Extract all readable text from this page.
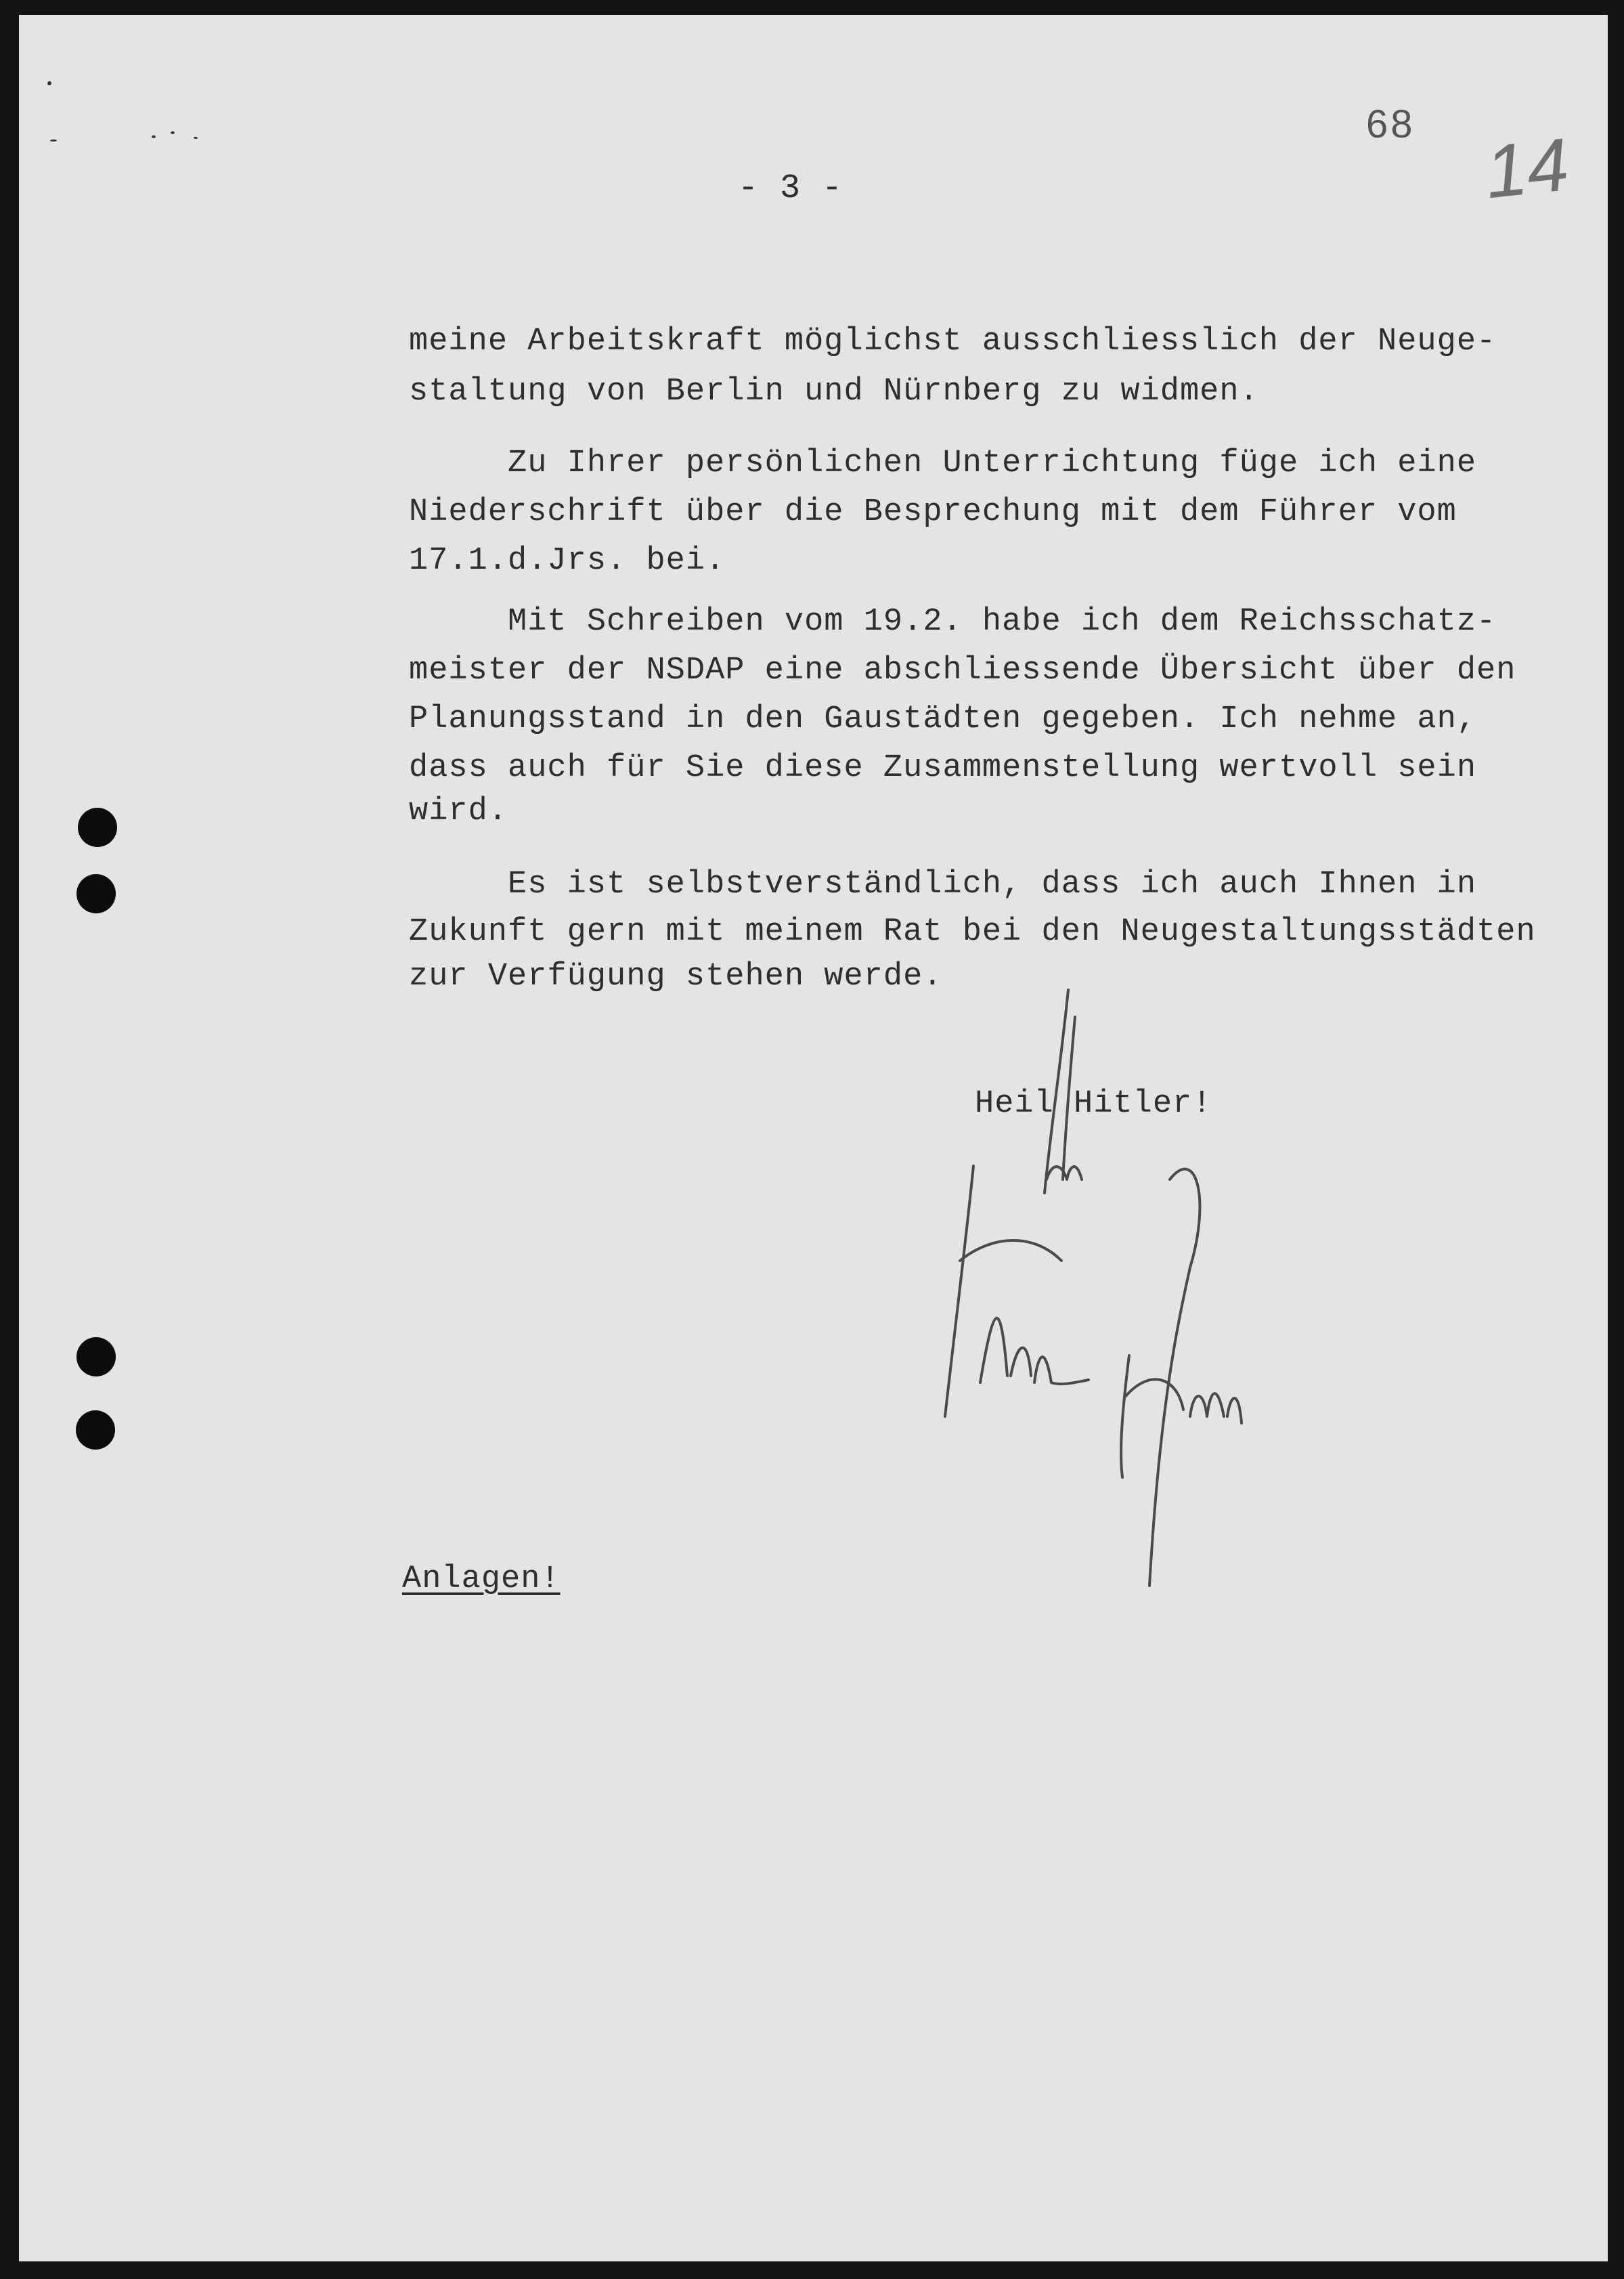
68 14
- 3 -
meine Arbeitskraft möglichst ausschliesslich der Neuge-
staltung von Berlin und Nürnberg zu widmen.
Zu Ihrer persönlichen Unterrichtung füge ich eine
Niederschrift über die Besprechung mit dem Führer vom
17.1.d.Jrs. bei.
Mit Schreiben vom 19.2. habe ich dem Reichsschatz-
meister der NSDAP eine abschliessende Übersicht über den
Planungsstand in den Gaustädten gegeben. Ich nehme an,
dass auch für Sie diese Zusammenstellung wertvoll sein
wird.
Es ist selbstverständlich, dass ich auch Ihnen in
Zukunft gern mit meinem Rat bei den Neugestaltungsstädten
zur Verfügung stehen werde.
Heil Hitler!
Anlagen!
